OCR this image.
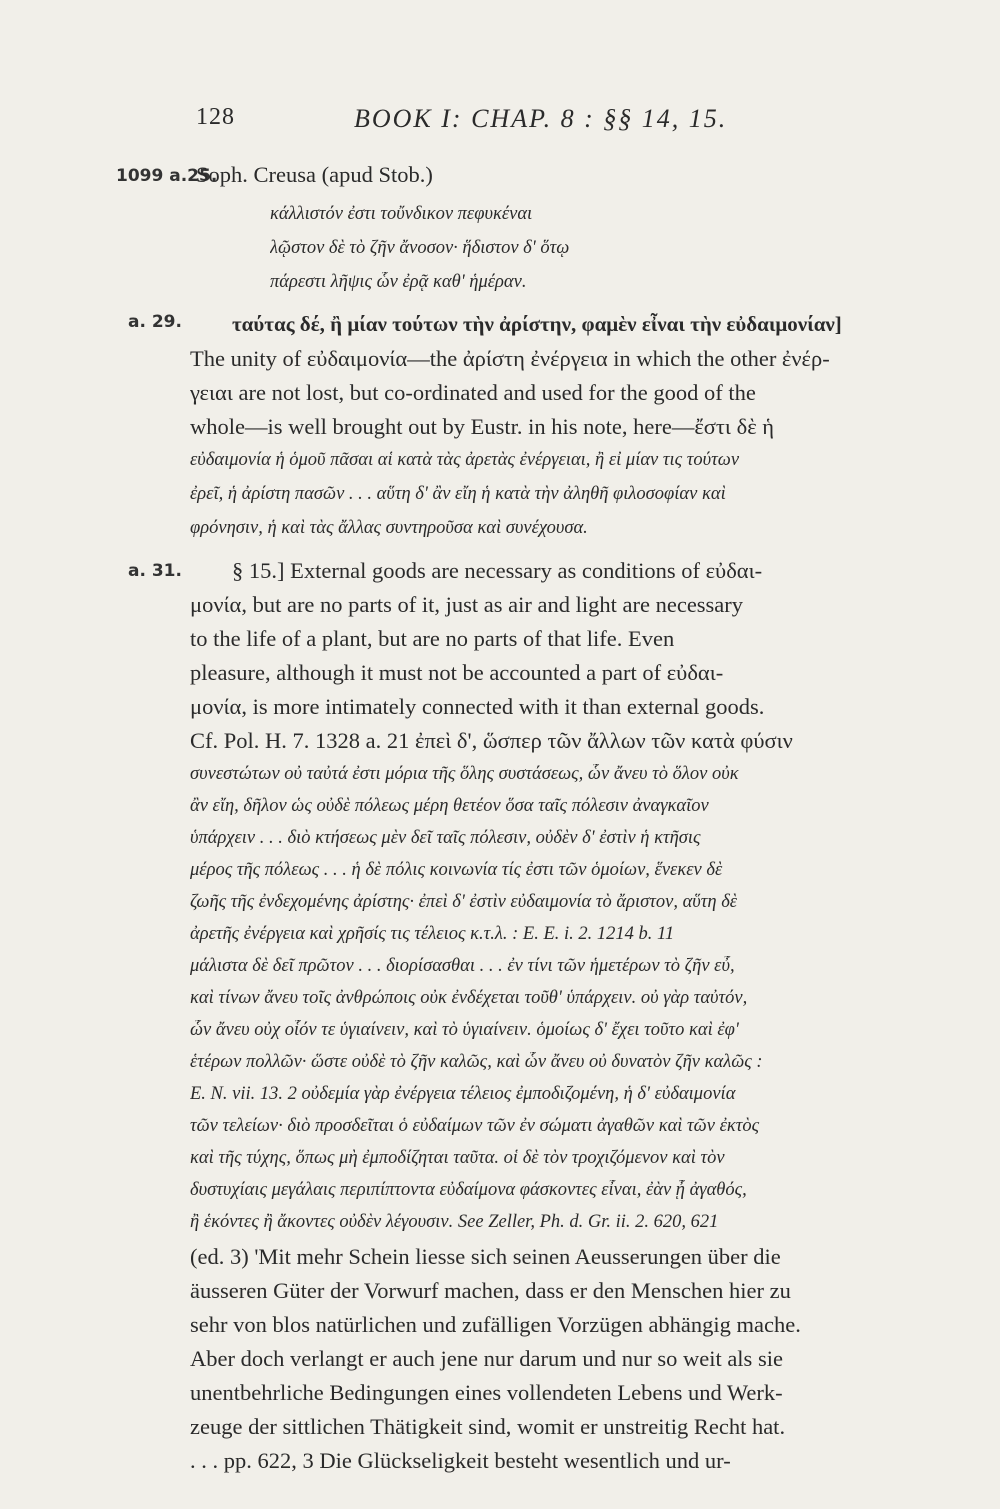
128	BOOK I: CHAP. 8 : §§ 14, 15.
1099 a.25.
a. 29.
a. 31.
Soph. Creusa (apud Stob.)
κάλλιστόν ἐστι τοὔνδικον πεφυκέναι
λῷστον δὲ τὸ ζῆν ἄνοσον· ἥδιστον δ' ὅτῳ
πάρεστι λῆψις ὧν ἐρᾷ καθ' ἡμέραν.
ταύτας δέ, ἢ μίαν τούτων τὴν ἀρίστην, φαμὲν εἶναι τὴν εὐδαιμονίαν]
The unity of εὐδαιμονία—the ἀρίστη ἐνέργεια in which the other ἐνέρ-
γειαι are not lost, but co-ordinated and used for the good of the
whole—is well brought out by Eustr. in his note, here—ἔστι δὲ ἡ
εὐδαιμονία ἡ ὁμοῦ πᾶσαι αἱ κατὰ τὰς ἀρετὰς ἐνέργειαι, ἢ εἰ μίαν τις τούτων
ἐρεῖ, ἡ ἀρίστη πασῶν . . . αὕτη δ' ἂν εἴη ἡ κατὰ τὴν ἀληθῆ φιλοσοφίαν καὶ
φρόνησιν, ἡ καὶ τὰς ἄλλας συντηροῦσα καὶ συνέχουσα.
§ 15.] External goods are necessary as conditions of εὐδαι-
μονία, but are no parts of it, just as air and light are necessary
to the life of a plant, but are no parts of that life. Even
pleasure, although it must not be accounted a part of εὐδαι-
μονία, is more intimately connected with it than external goods.
Cf. Pol. H. 7. 1328 a. 21 ἐπεὶ δ', ὥσπερ τῶν ἄλλων τῶν κατὰ φύσιν
συνεστώτων οὐ ταὐτά ἐστι μόρια τῆς ὅλης συστάσεως, ὧν ἄνευ τὸ ὅλον οὐκ
ἂν εἴη, δῆλον ὡς οὐδὲ πόλεως μέρη θετέον ὅσα ταῖς πόλεσιν ἀναγκαῖον
ὑπάρχειν . . . διὸ κτήσεως μὲν δεῖ ταῖς πόλεσιν, οὐδὲν δ' ἐστὶν ἡ κτῆσις
μέρος τῆς πόλεως . . . ἡ δὲ πόλις κοινωνία τίς ἐστι τῶν ὁμοίων, ἕνεκεν δὲ
ζωῆς τῆς ἐνδεχομένης ἀρίστης· ἐπεὶ δ' ἐστὶν εὐδαιμονία τὸ ἄριστον, αὕτη δὲ
ἀρετῆς ἐνέργεια καὶ χρῆσίς τις τέλειος κ.τ.λ. : E. E. i. 2. 1214 b. 11
μάλιστα δὲ δεῖ πρῶτον . . . διορίσασθαι . . . ἐν τίνι τῶν ἡμετέρων τὸ ζῆν εὖ,
καὶ τίνων ἄνευ τοῖς ἀνθρώποις οὐκ ἐνδέχεται τοῦθ' ὑπάρχειν. οὐ γὰρ ταὐτόν,
ὧν ἄνευ οὐχ οἷόν τε ὑγιαίνειν, καὶ τὸ ὑγιαίνειν. ὁμοίως δ' ἔχει τοῦτο καὶ ἐφ'
ἑτέρων πολλῶν· ὥστε οὐδὲ τὸ ζῆν καλῶς, καὶ ὧν ἄνευ οὐ δυνατὸν ζῆν καλῶς :
E. N. vii. 13. 2 οὐδεμία γὰρ ἐνέργεια τέλειος ἐμποδιζομένη, ἡ δ' εὐδαιμονία
τῶν τελείων· διὸ προσδεῖται ὁ εὐδαίμων τῶν ἐν σώματι ἀγαθῶν καὶ τῶν ἐκτὸς
καὶ τῆς τύχης, ὅπως μὴ ἐμποδίζηται ταῦτα. οἱ δὲ τὸν τροχιζόμενον καὶ τὸν
δυστυχίαις μεγάλαις περιπίπτοντα εὐδαίμονα φάσκοντες εἶναι, ἐὰν ᾖ ἀγαθός,
ἢ ἑκόντες ἢ ἄκοντες οὐδὲν λέγουσιν. See Zeller, Ph. d. Gr. ii. 2. 620, 621
(ed. 3) 'Mit mehr Schein liesse sich seinen Aeusserungen über die
äusseren Güter der Vorwurf machen, dass er den Menschen hier zu
sehr von blos natürlichen und zufälligen Vorzügen abhängig mache.
Aber doch verlangt er auch jene nur darum und nur so weit als sie
unentbehrliche Bedingungen eines vollendeten Lebens und Werk-
zeuge der sittlichen Thätigkeit sind, womit er unstreitig Recht hat.
. . . pp. 622, 3 Die Glückseligkeit besteht wesentlich und ur-
